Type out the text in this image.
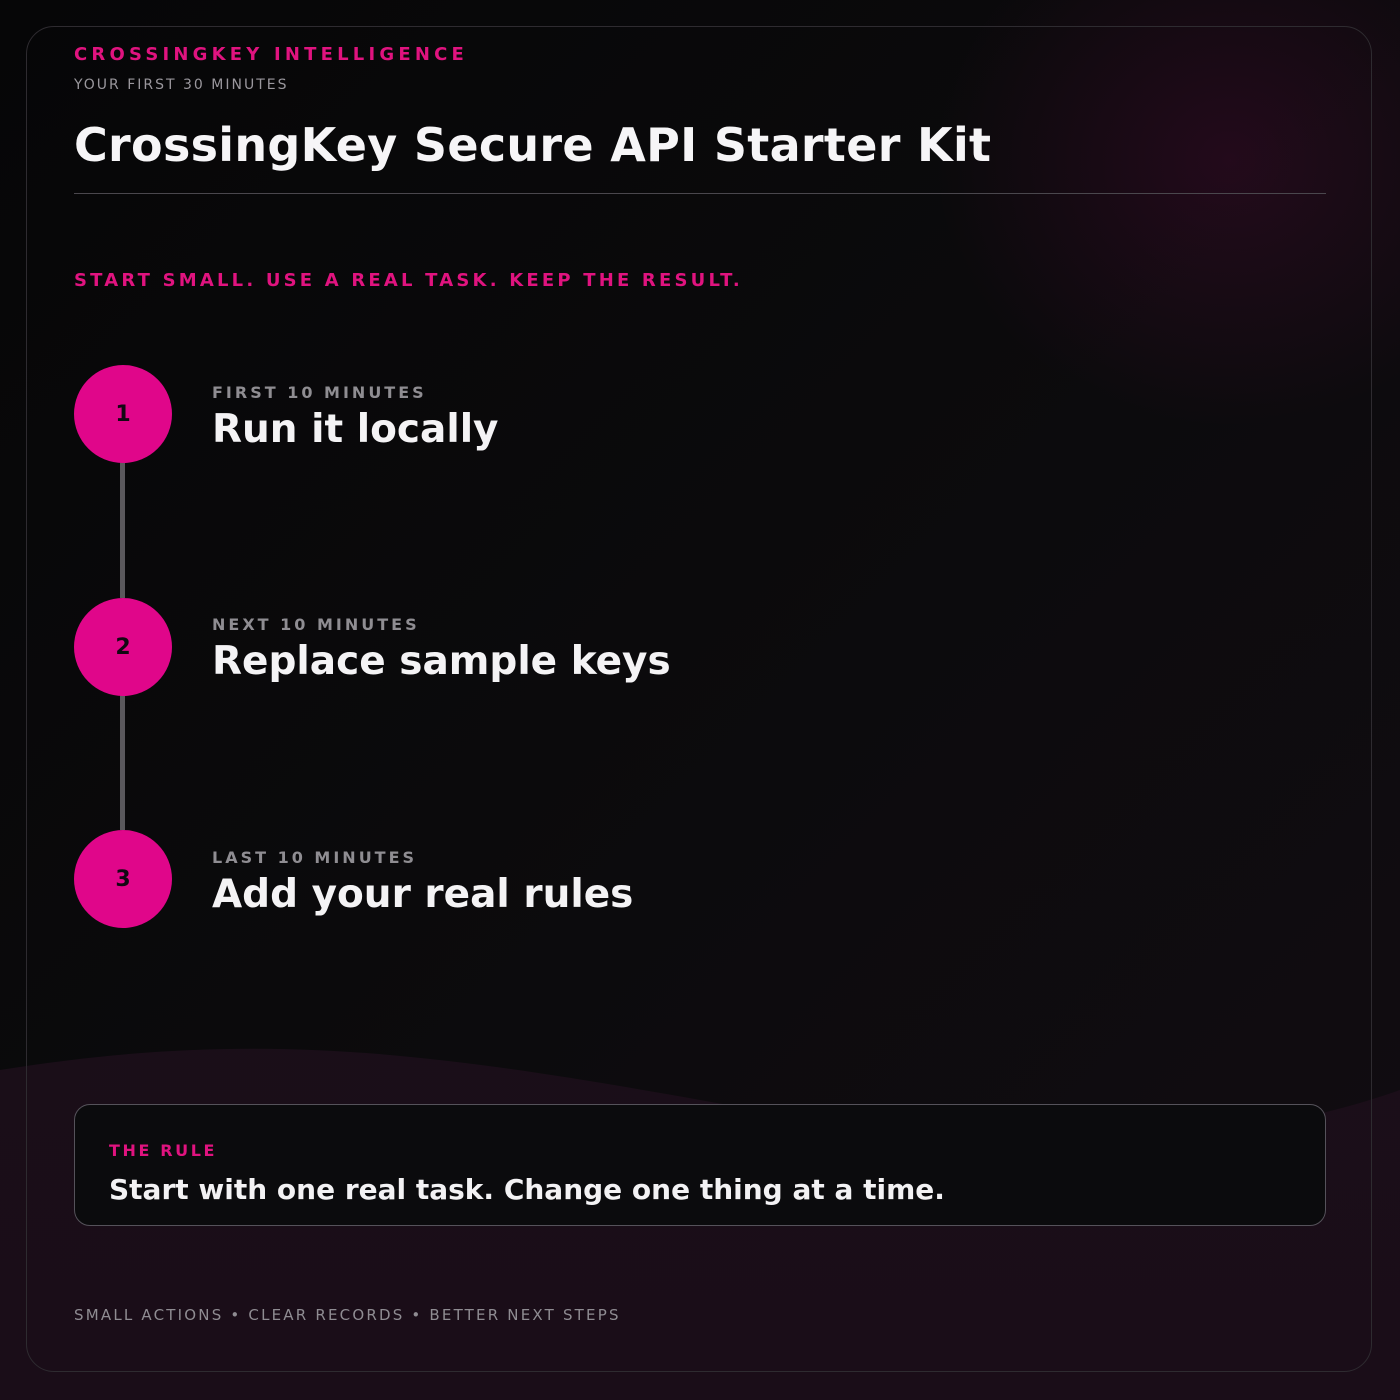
CROSSINGKEY INTELLIGENCE
YOUR FIRST 30 MINUTES
CrossingKey Secure API Starter Kit
START SMALL. USE A REAL TASK. KEEP THE RESULT.
1
FIRST 10 MINUTES
Run it locally
2
NEXT 10 MINUTES
Replace sample keys
3
LAST 10 MINUTES
Add your real rules
THE RULE
Start with one real task. Change one thing at a time.
SMALL ACTIONS • CLEAR RECORDS • BETTER NEXT STEPS
